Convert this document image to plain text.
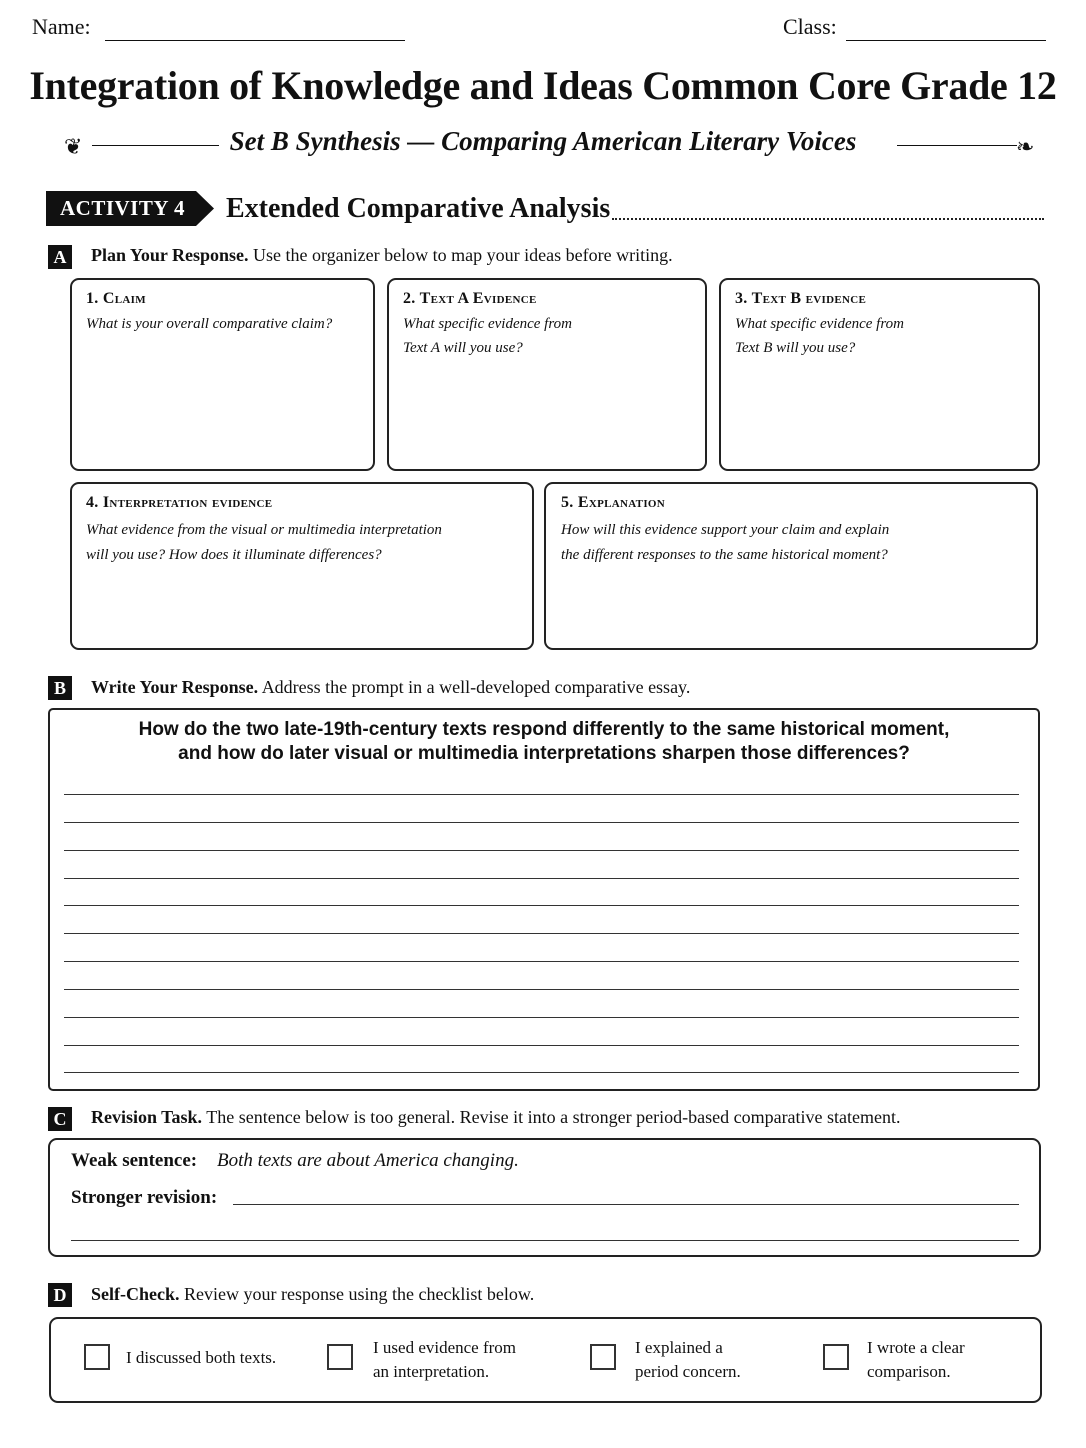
Name:	Class:
Integration of Knowledge and Ideas Common Core Grade 12
❦	Set B Synthesis — Comparing American Literary Voices	❧
ACTIVITY 4 Extended Comparative Analysis
A	Plan Your Response. Use the organizer below to map your ideas before writing.
1. Claim
What is your overall comparative claim?
2. Text A Evidence
What specific evidence from
Text A will you use?
3. Text B evidence
What specific evidence from
Text B will you use?
4. Interpretation evidence
What evidence from the visual or multimedia interpretation
will you use? How does it illuminate differences?
5. Explanation
How will this evidence support your claim and explain
the different responses to the same historical moment?
B	Write Your Response. Address the prompt in a well-developed comparative essay.
How do the two late-19th-century texts respond differently to the same historical moment,
and how do later visual or multimedia interpretations sharpen those differences?
C	Revision Task. The sentence below is too general. Revise it into a stronger period-based comparative statement.
Weak sentence: Both texts are about America changing.
Stronger revision:
D	Self-Check. Review your response using the checklist below.
I discussed both texts.
I used evidence from
an interpretation.
I explained a
period concern.
I wrote a clear
comparison.
